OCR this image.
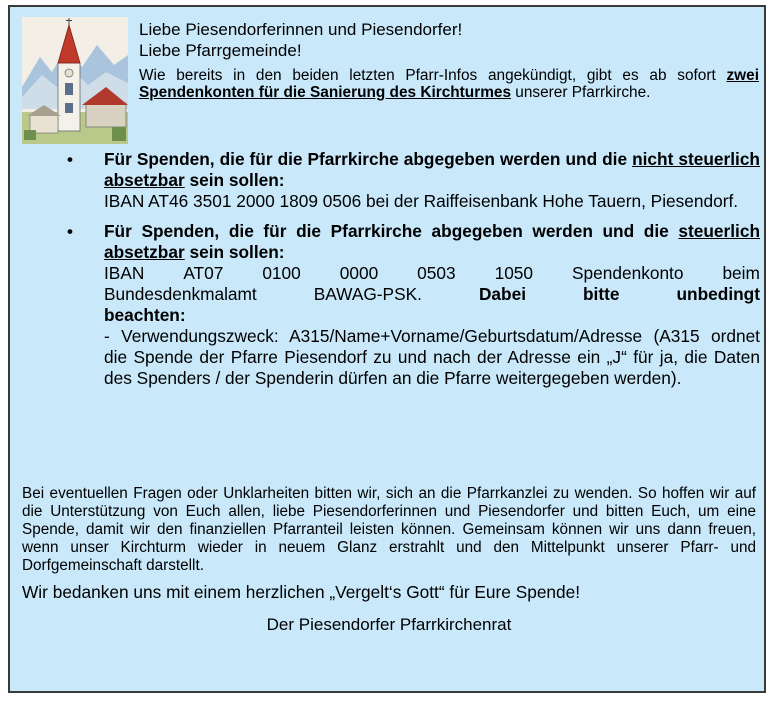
Liebe Piesendorferinnen und Piesendorfer!

Liebe Pfarrgemeinde!

Wie bereits in den beiden letzten Pfarr-Infos angekündigt, gibt es ab sofort zwei Spendenkonten für die Sanierung des Kirchturmes unserer Pfarrkirche.

• Für Spenden, die für die Pfarrkirche abgegeben werden und die nicht steuerlich absetzbar sein sollen:

IBAN AT46 3501 2000 1809 0506 bei der Raiffeisenbank Hohe Tauern, Piesendorf.

• Für Spenden, die für die Pfarrkirche abgegeben werden und die steuerlich absetzbar sein sollen:

IBAN AT07 0100 0000 0503 1050 Spendenkonto beim
Bundesdenkmalamt	BAWAG-PSK.	Dabei	bitte	unbedingt

beachten:

- Verwendungszweck: A315/Name+Vorname/Geburtsdatum/Adresse (A315 ordnet die Spende der Pfarre Piesendorf zu und nach der Adresse ein „J“ für ja, die Daten des Spenders / der Spenderin dürfen an die Pfarre weitergegeben werden).

Bei eventuellen Fragen oder Unklarheiten bitten wir, sich an die Pfarrkanzlei zu wenden. So hoffen wir auf die Unterstützung von Euch allen, liebe Piesendorferinnen und Piesendorfer und bitten Euch, um eine Spende, damit wir den finanziellen Pfarranteil leisten können. Gemeinsam können wir uns dann freuen, wenn unser Kirchturm wieder in neuem Glanz erstrahlt und den Mittelpunkt unserer Pfarr- und Dorfgemeinschaft darstellt.

Wir bedanken uns mit einem herzlichen „Vergelt‘s Gott“ für Eure Spende!

Der Piesendorfer Pfarrkirchenrat
